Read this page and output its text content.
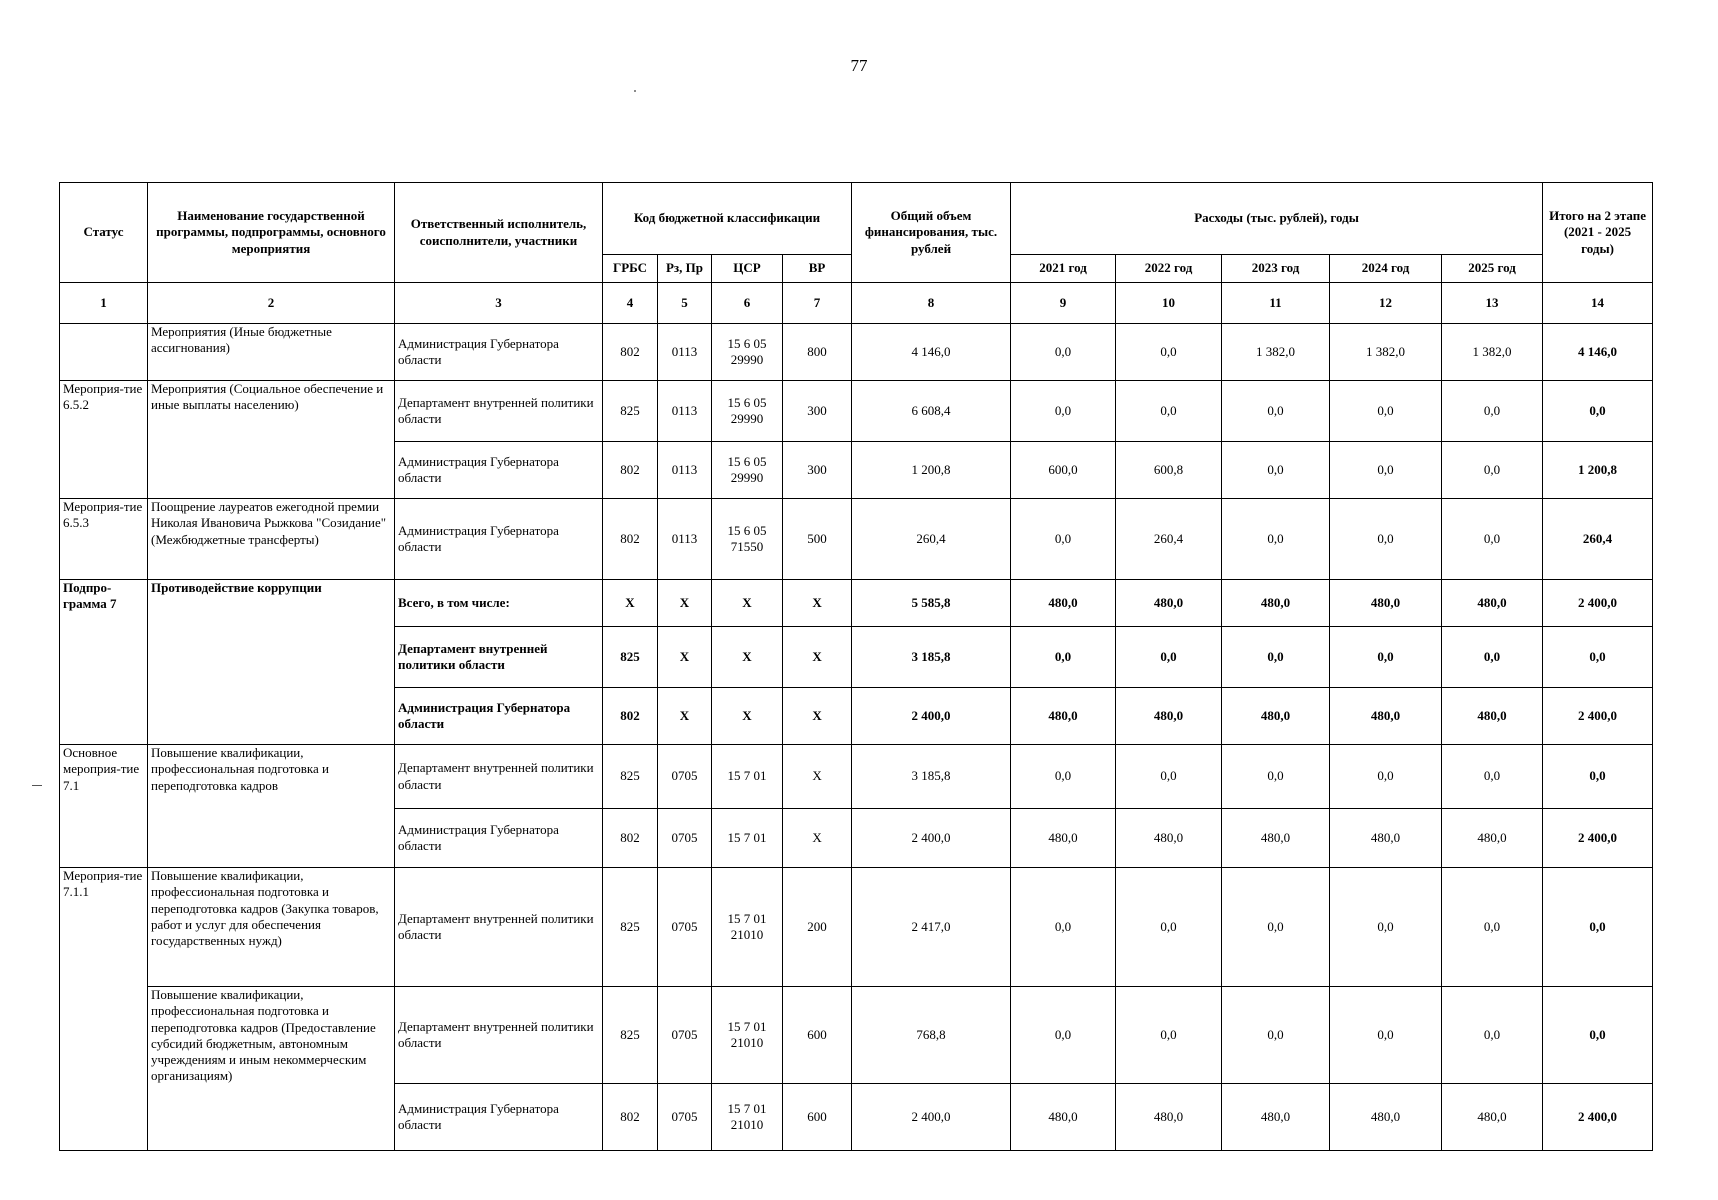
77
Статус	Наименование государственной программы, подпрограммы, основного мероприятия	Ответственный исполнитель, соисполнители, участники	Код бюджетной классификации				Общий объем финансирования, тыс. рублей	Расходы (тыс. рублей), годы					Итого на 2 этапе (2021 - 2025 годы)
			ГРБС	Рз, Пр	ЦСР	ВР		2021 год	2022 год	2023 год	2024 год	2025 год	
1	2	3	4	5	6	7	8	9	10	11	12	13	14
	Мероприятия (Иные бюджетные ассигнования)	Администрация Губернатора области	802	0113	15 6 05 29990	800	4 146,0	0,0	0,0	1 382,0	1 382,0	1 382,0	4 146,0
Мероприя-тие 6.5.2	Мероприятия (Социальное обеспечение и иные выплаты населению)	Департамент внутренней политики области	825	0113	15 6 05 29990	300	6 608,4	0,0	0,0	0,0	0,0	0,0	0,0
		Администрация Губернатора области	802	0113	15 6 05 29990	300	1 200,8	600,0	600,8	0,0	0,0	0,0	1 200,8
Мероприя-тие 6.5.3	Поощрение лауреатов ежегодной премии Николая Ивановича Рыжкова "Созидание" (Межбюджетные трансферты)	Администрация Губернатора области	802	0113	15 6 05 71550	500	260,4	0,0	260,4	0,0	0,0	0,0	260,4
Подпро-грамма 7	Противодействие коррупции	Всего, в том числе:	X	X	X	X	5 585,8	480,0	480,0	480,0	480,0	480,0	2 400,0
		Департамент внутренней политики области	825	X	X	X	3 185,8	0,0	0,0	0,0	0,0	0,0	0,0
		Администрация Губернатора области	802	X	X	X	2 400,0	480,0	480,0	480,0	480,0	480,0	2 400,0
Основное мероприя-тие 7.1	Повышение квалификации, профессиональная подготовка и переподготовка кадров	Департамент внутренней политики области	825	0705	15 7 01	X	3 185,8	0,0	0,0	0,0	0,0	0,0	0,0
		Администрация Губернатора области	802	0705	15 7 01	X	2 400,0	480,0	480,0	480,0	480,0	480,0	2 400,0
Мероприя-тие 7.1.1	Повышение квалификации, профессиональная подготовка и переподготовка кадров (Закупка товаров, работ и услуг для обеспечения государственных нужд)	Департамент внутренней политики области	825	0705	15 7 01 21010	200	2 417,0	0,0	0,0	0,0	0,0	0,0	0,0
	Повышение квалификации, профессиональная подготовка и переподготовка кадров (Предоставление субсидий бюджетным, автономным учреждениям и иным некоммерческим организациям)	Департамент внутренней политики области	825	0705	15 7 01 21010	600	768,8	0,0	0,0	0,0	0,0	0,0	0,0
		Администрация Губернатора области	802	0705	15 7 01 21010	600	2 400,0	480,0	480,0	480,0	480,0	480,0	2 400,0
